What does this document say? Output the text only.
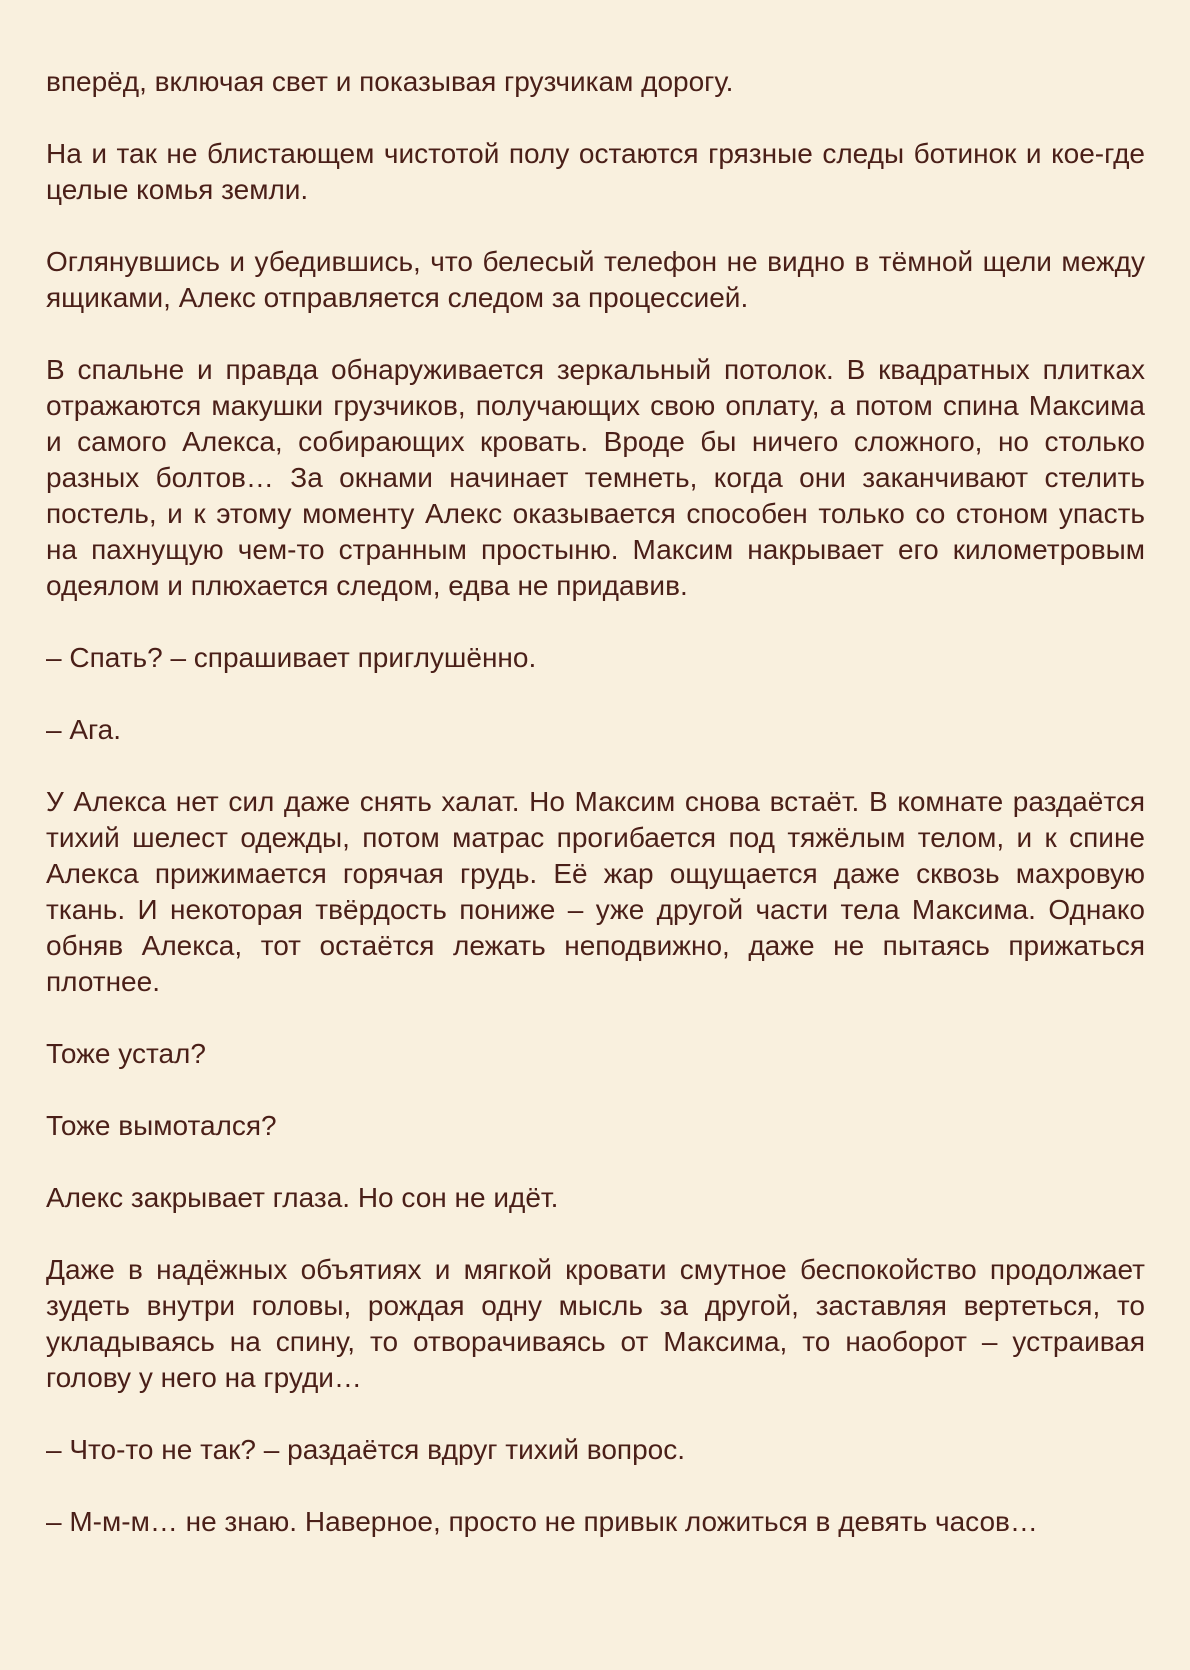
вперёд, включая свет и показывая грузчикам дорогу.

На и так не блистающем чистотой полу остаются грязные следы ботинок и кое-где целые комья земли.

Оглянувшись и убедившись, что белесый телефон не видно в тёмной щели между ящиками, Алекс отправляется следом за процессией.

В спальне и правда обнаруживается зеркальный потолок. В квадратных плитках отражаются макушки грузчиков, получающих свою оплату, а потом спина Максима и самого Алекса, собирающих кровать. Вроде бы ничего сложного, но столько разных болтов… За окнами начинает темнеть, когда они заканчивают стелить постель, и к этому моменту Алекс оказывается способен только со стоном упасть на пахнущую чем-то странным простыню. Максим накрывает его километровым одеялом и плюхается следом, едва не придавив.

– Спать? – спрашивает приглушённо.

– Ага.

У Алекса нет сил даже снять халат. Но Максим снова встаёт. В комнате раздаётся тихий шелест одежды, потом матрас прогибается под тяжёлым телом, и к спине Алекса прижимается горячая грудь. Её жар ощущается даже сквозь махровую ткань. И некоторая твёрдость пониже – уже другой части тела Максима. Однако обняв Алекса, тот остаётся лежать неподвижно, даже не пытаясь прижаться плотнее.

Тоже устал?

Тоже вымотался?

Алекс закрывает глаза. Но сон не идёт.

Даже в надёжных объятиях и мягкой кровати смутное беспокойство продолжает зудеть внутри головы, рождая одну мысль за другой, заставляя вертеться, то укладываясь на спину, то отворачиваясь от Максима, то наоборот – устраивая голову у него на груди…

– Что-то не так? – раздаётся вдруг тихий вопрос.

– М-м-м… не знаю. Наверное, просто не привык ложиться в девять часов…
